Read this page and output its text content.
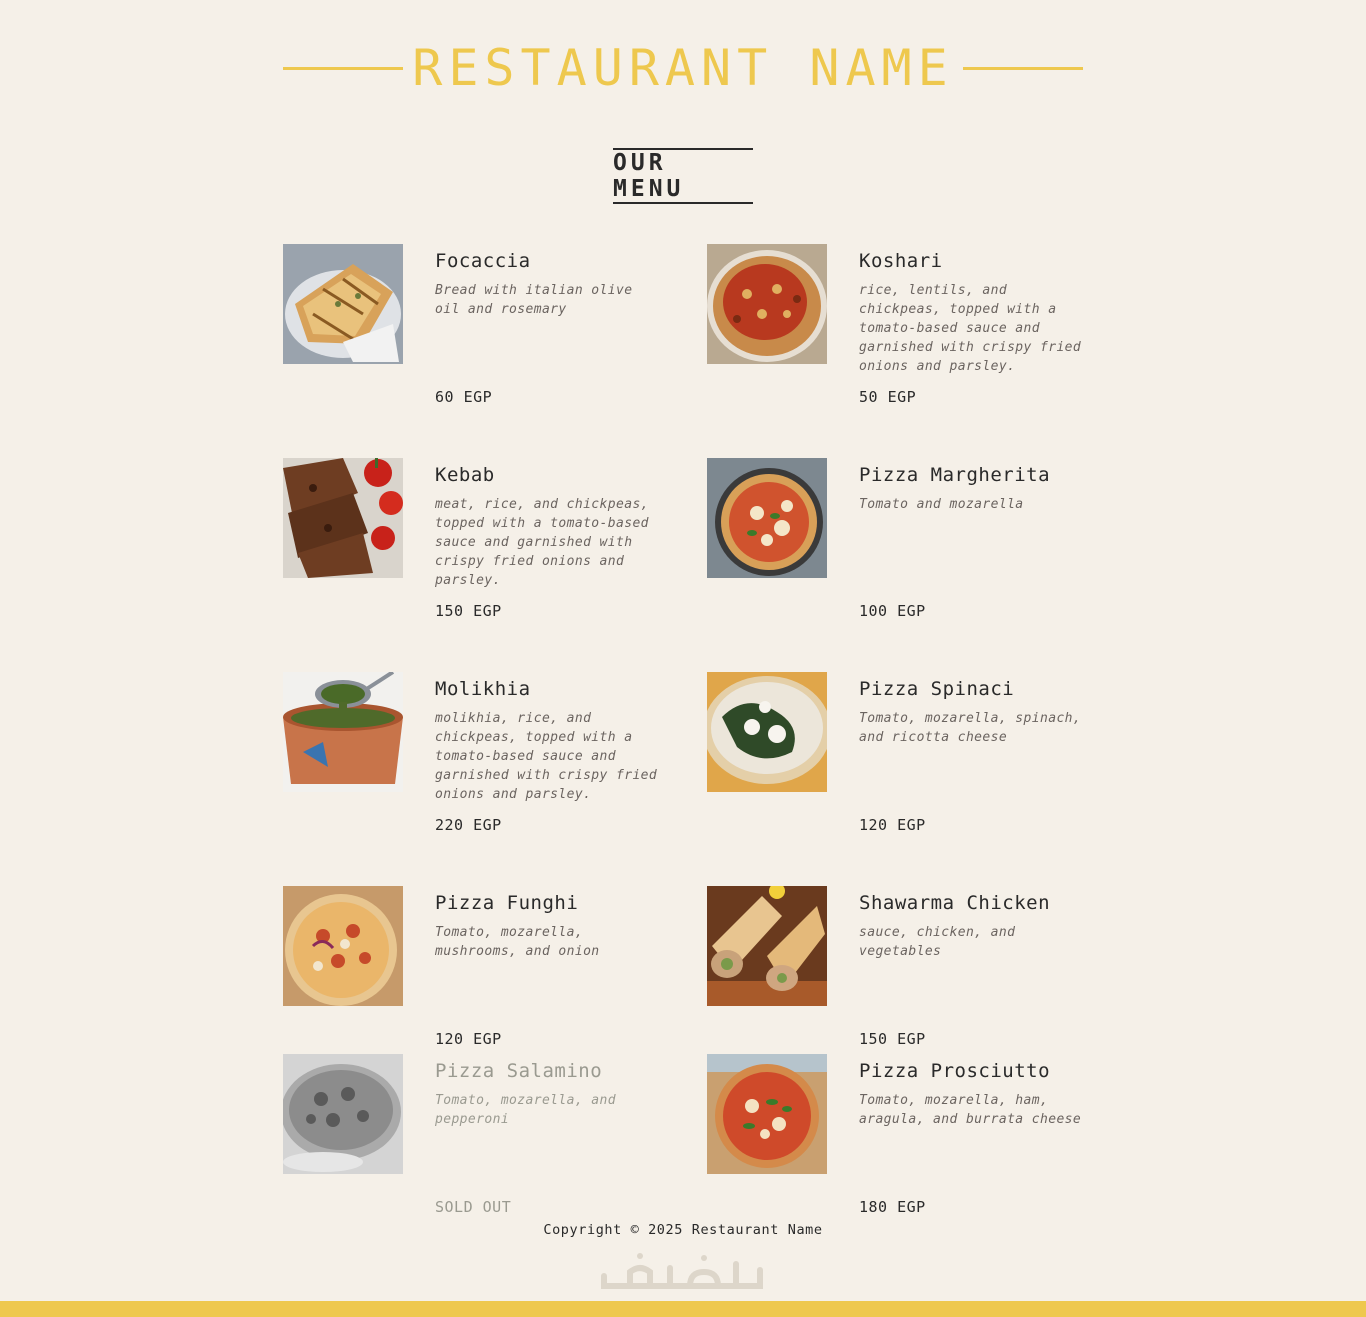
RESTAURANT NAME
OUR MENU
Focaccia
Bread with italian olive oil and rosemary
60 EGP
Koshari
rice, lentils, and chickpeas, topped with a tomato-based sauce and garnished with crispy fried onions and parsley.
50 EGP
Kebab
meat, rice, and chickpeas, topped with a tomato-based sauce and garnished with crispy fried onions and parsley.
150 EGP
Pizza Margherita
Tomato and mozarella
100 EGP
Molikhia
molikhia, rice, and chickpeas, topped with a tomato-based sauce and garnished with crispy fried onions and parsley.
220 EGP
Pizza Spinaci
Tomato, mozarella, spinach, and ricotta cheese
120 EGP
Pizza Funghi
Tomato, mozarella, mushrooms, and onion
120 EGP
Shawarma Chicken
sauce, chicken, and vegetables
150 EGP
Pizza Salamino
Tomato, mozarella, and pepperoni
SOLD OUT
Pizza Prosciutto
Tomato, mozarella, ham, aragula, and burrata cheese
180 EGP
Copyright © 2025 Restaurant Name
